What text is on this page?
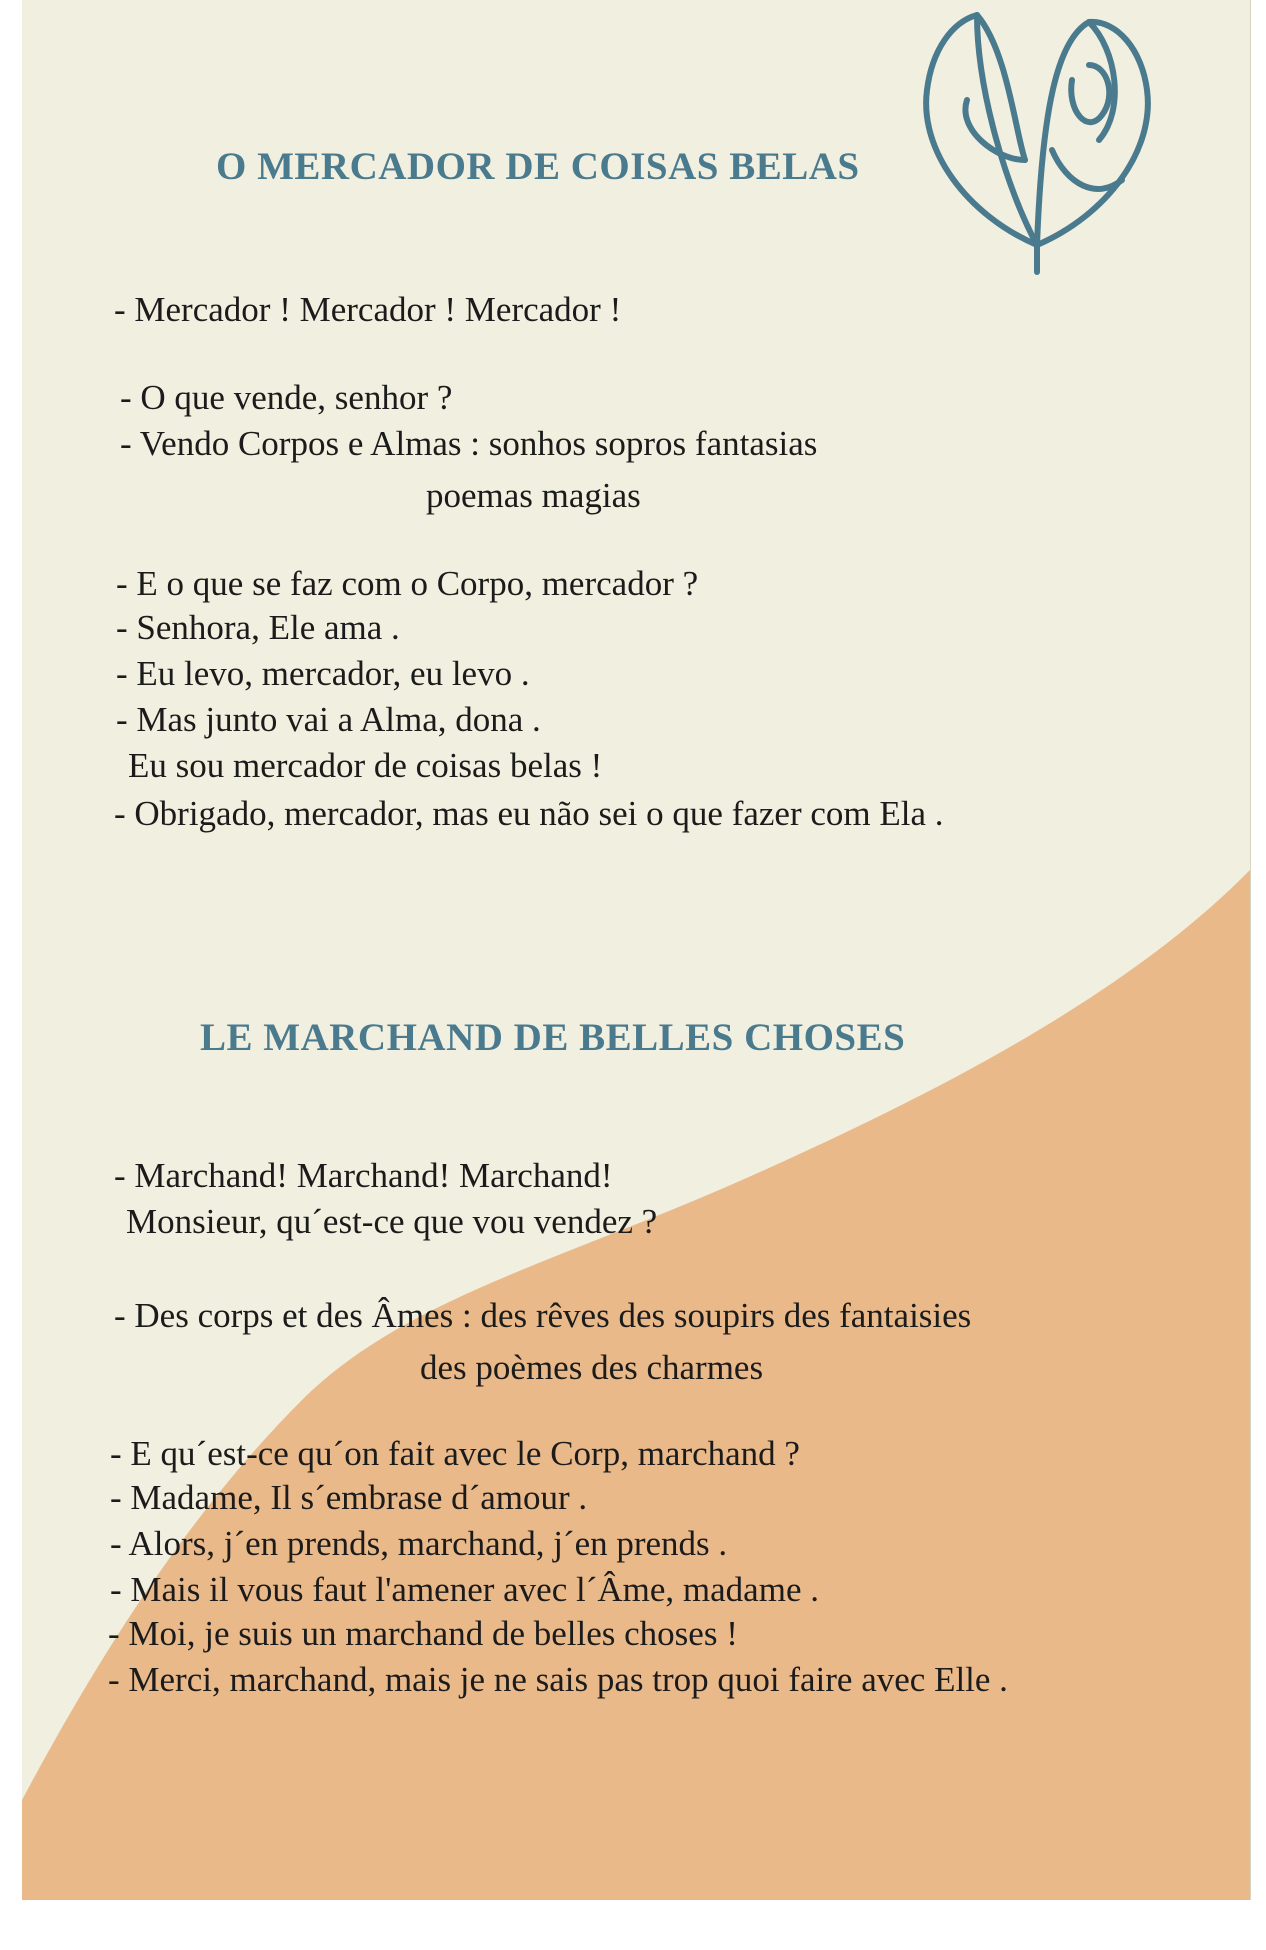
O MERCADOR DE COISAS BELAS

- Mercador ! Mercador ! Mercador !

- O que vende, senhor ?

- Vendo Corpos e Almas : sonhos sopros fantasias

poemas magias

- E o que se faz com o Corpo, mercador ?

- Senhora, Ele ama .

- Eu levo, mercador, eu levo .

- Mas junto vai a Alma, dona .

Eu sou mercador de coisas belas !

- Obrigado, mercador, mas eu não sei o que fazer com Ela .

LE MARCHAND DE BELLES CHOSES

- Marchand! Marchand! Marchand!

Monsieur, qu´est-ce que vou vendez ?

- Des corps et des Âmes : des rêves des soupirs des fantaisies

des poèmes des charmes

- E qu´est-ce qu´on fait avec le Corp, marchand ?

- Madame, Il s´embrase d´amour .

- Alors, j´en prends, marchand, j´en prends .

- Mais il vous faut l'amener avec l´Âme, madame .

- Moi, je suis un marchand de belles choses !

- Merci, marchand, mais je ne sais pas trop quoi faire avec Elle .
